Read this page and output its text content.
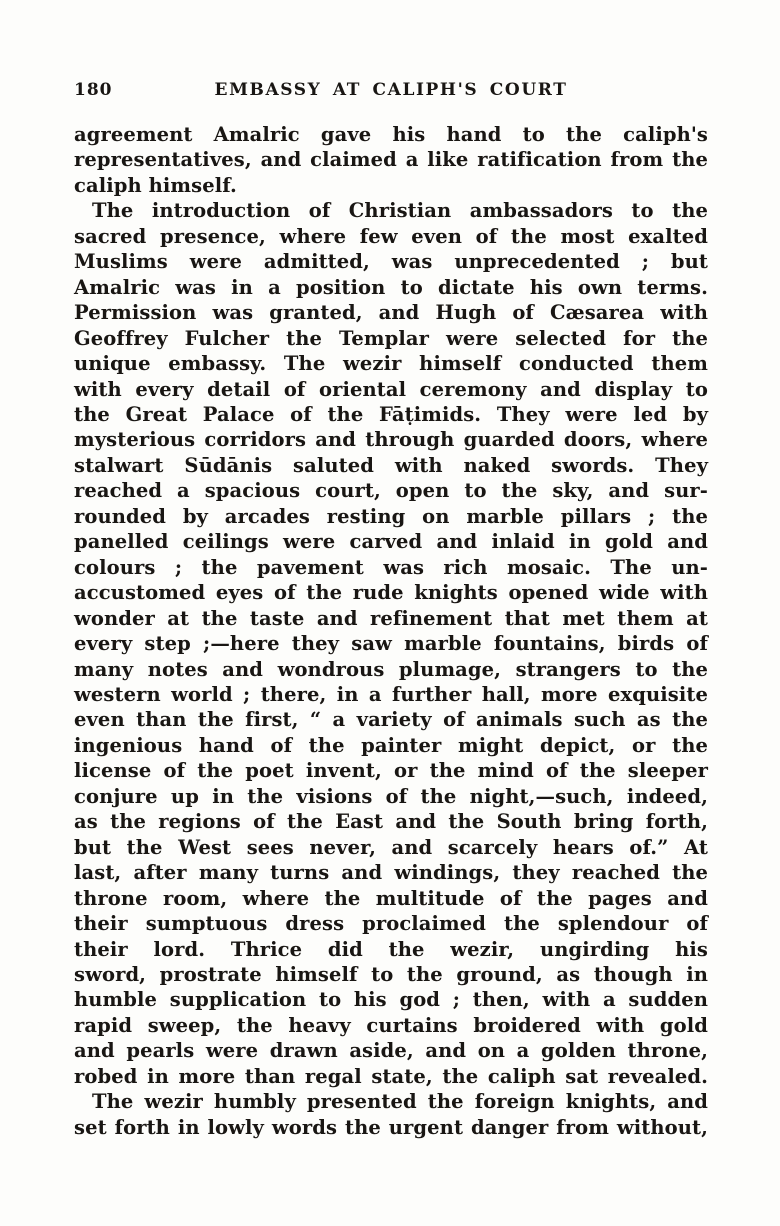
180	EMBASSY AT CALIPH'S COURT
agreement Amalric gave his hand to the caliph's
representatives, and claimed a like ratification from the
caliph himself.
The introduction of Christian ambassadors to the
sacred presence, where few even of the most exalted
Muslims were admitted, was unprecedented ; but
Amalric was in a position to dictate his own terms.
Permission was granted, and Hugh of Cæsarea with
Geoffrey Fulcher the Templar were selected for the
unique embassy. The wezir himself conducted them
with every detail of oriental ceremony and display to
the Great Palace of the Fāṭimids. They were led by
mysterious corridors and through guarded doors, where
stalwart Sūdānis saluted with naked swords. They
reached a spacious court, open to the sky, and sur-
rounded by arcades resting on marble pillars ; the
panelled ceilings were carved and inlaid in gold and
colours ; the pavement was rich mosaic. The un-
accustomed eyes of the rude knights opened wide with
wonder at the taste and refinement that met them at
every step ;—here they saw marble fountains, birds of
many notes and wondrous plumage, strangers to the
western world ; there, in a further hall, more exquisite
even than the first, “ a variety of animals such as the
ingenious hand of the painter might depict, or the
license of the poet invent, or the mind of the sleeper
conjure up in the visions of the night,—such, indeed,
as the regions of the East and the South bring forth,
but the West sees never, and scarcely hears of.” At
last, after many turns and windings, they reached the
throne room, where the multitude of the pages and
their sumptuous dress proclaimed the splendour of
their lord. Thrice did the wezir, ungirding his
sword, prostrate himself to the ground, as though in
humble supplication to his god ; then, with a sudden
rapid sweep, the heavy curtains broidered with gold
and pearls were drawn aside, and on a golden throne,
robed in more than regal state, the caliph sat revealed.
The wezir humbly presented the foreign knights, and
set forth in lowly words the urgent danger from without,
